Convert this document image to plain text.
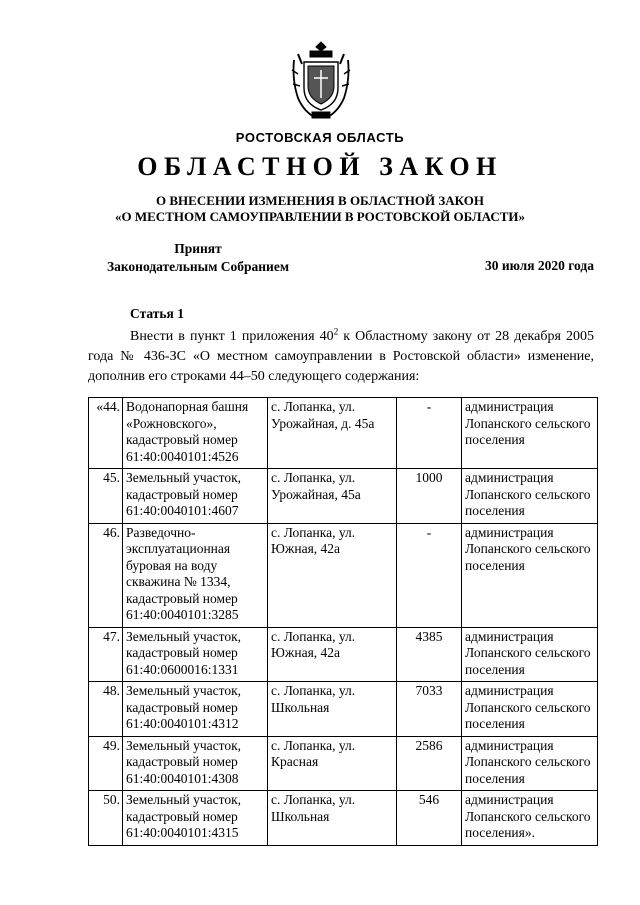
РОСТОВСКАЯ ОБЛАСТЬ
ОБЛАСТНОЙ ЗАКОН
О ВНЕСЕНИИ ИЗМЕНЕНИЯ В ОБЛАСТНОЙ ЗАКОН
«О МЕСТНОМ САМОУПРАВЛЕНИИ В РОСТОВСКОЙ ОБЛАСТИ»
Принят
Законодательным Собранием	30 июля 2020 года
Статья 1
Внести в пункт 1 приложения $40^2$ к Областному закону от 28 декабря 2005 года № 436-ЗС «О местном самоуправлении в Ростовской области» изменение, дополнив его строками 44–50 следующего содержания:
«44.	Водонапорная башня «Рожновского», кадастровый номер 61:40:0040101:4526	с. Лопанка, ул. Урожайная, д. 45а	-	администрация Лопанского сельского поселения
45.	Земельный участок, кадастровый номер 61:40:0040101:4607	с. Лопанка, ул. Урожайная, 45а	1000	администрация Лопанского сельского поселения
46.	Разведочно-эксплуатационная буровая на воду скважина № 1334, кадастровый номер 61:40:0040101:3285	с. Лопанка, ул. Южная, 42а	-	администрация Лопанского сельского поселения
47.	Земельный участок, кадастровый номер 61:40:0600016:1331	с. Лопанка, ул. Южная, 42а	4385	администрация Лопанского сельского поселения
48.	Земельный участок, кадастровый номер 61:40:0040101:4312	с. Лопанка, ул. Школьная	7033	администрация Лопанского сельского поселения
49.	Земельный участок, кадастровый номер 61:40:0040101:4308	с. Лопанка, ул. Красная	2586	администрация Лопанского сельского поселения
50.	Земельный участок, кадастровый номер 61:40:0040101:4315	с. Лопанка, ул. Школьная	546	администрация Лопанского сельского поселения».
